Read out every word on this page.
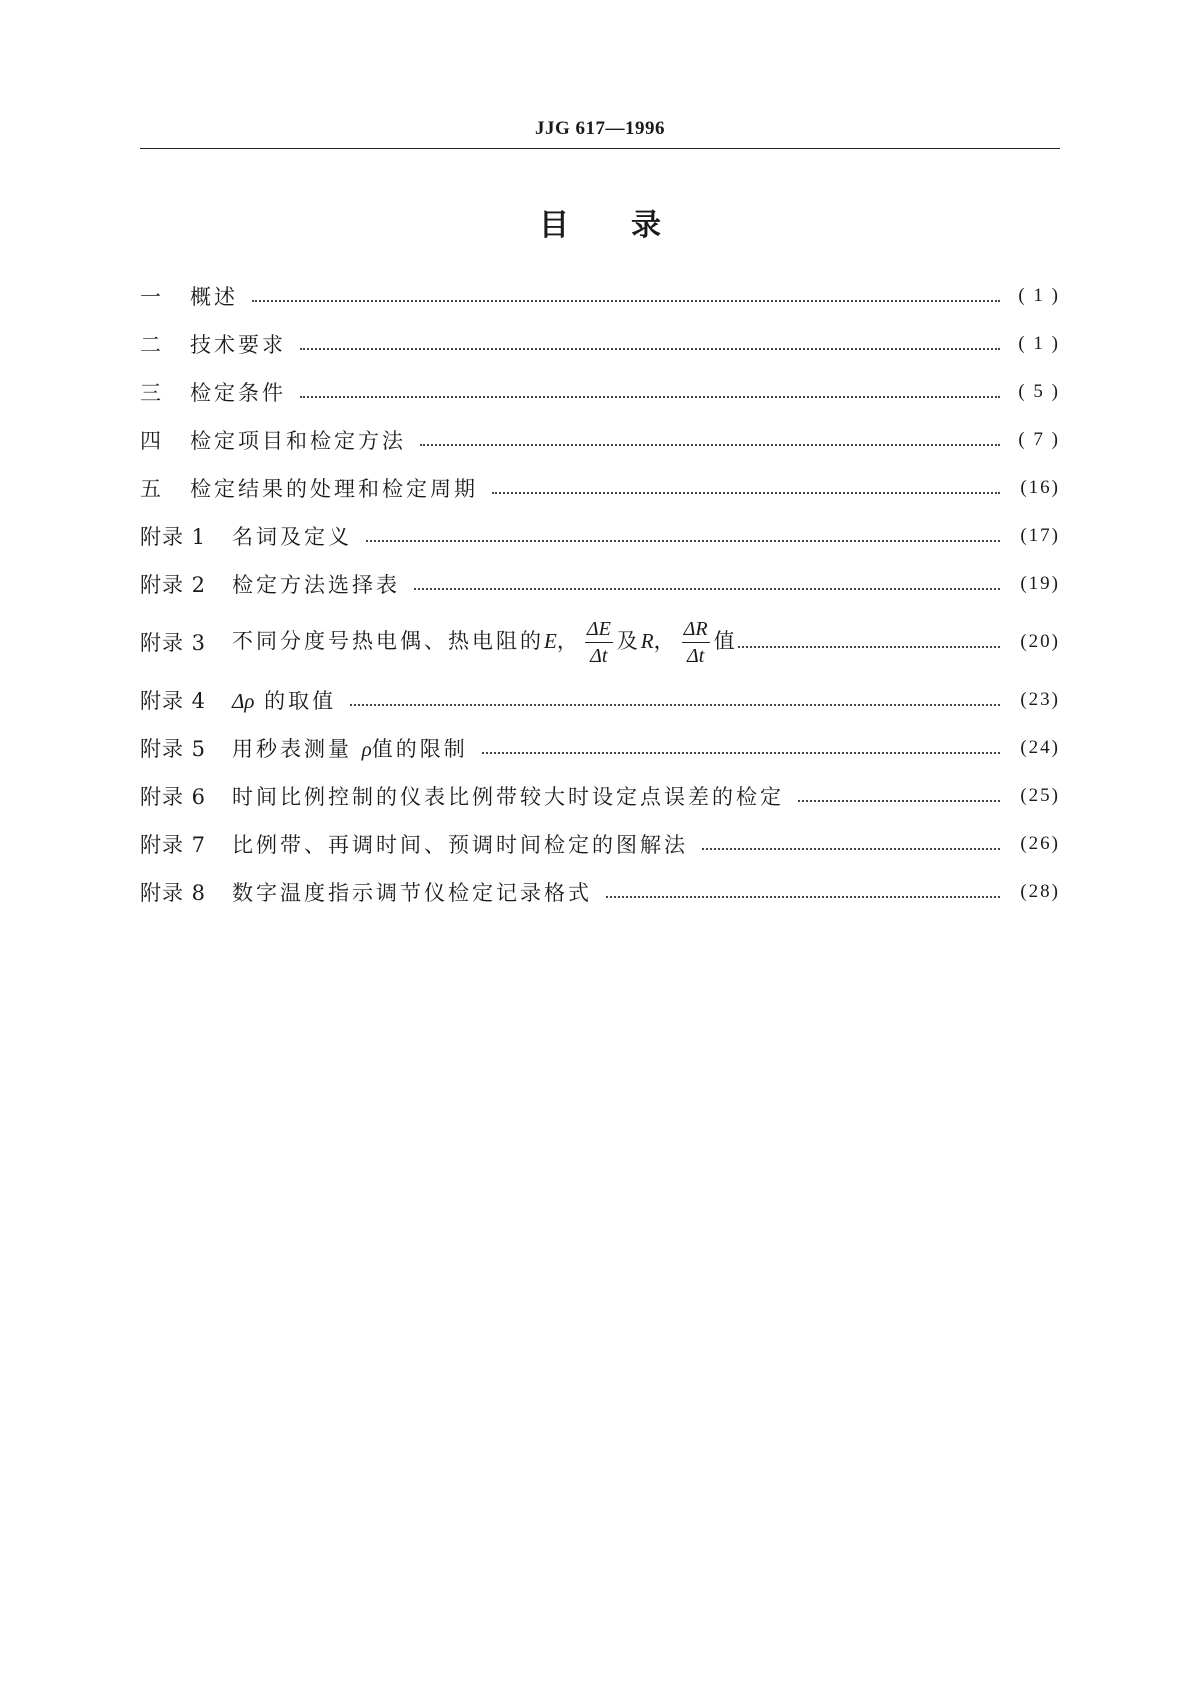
JJG 617—1996
目 录
一	概述	( 1 )
二	技术要求	( 1 )
三	检定条件	( 5 )
四	检定项目和检定方法	( 7 )
五	检定结果的处理和检定周期	(16)
附录 1	名词及定义	(17)
附录 2	检定方法选择表	(19)
附录 3	不同分度号热电偶、热电阻的E， $\frac{\Delta E}{\Delta t}$ 及R， $\frac{\Delta R}{\Delta t}$ 值	(20)
附录 4	Δρ 的取值	(23)
附录 5	用秒表测量 ρ值的限制	(24)
附录 6	时间比例控制的仪表比例带较大时设定点误差的检定	(25)
附录 7	比例带、再调时间、预调时间检定的图解法	(26)
附录 8	数字温度指示调节仪检定记录格式	(28)
